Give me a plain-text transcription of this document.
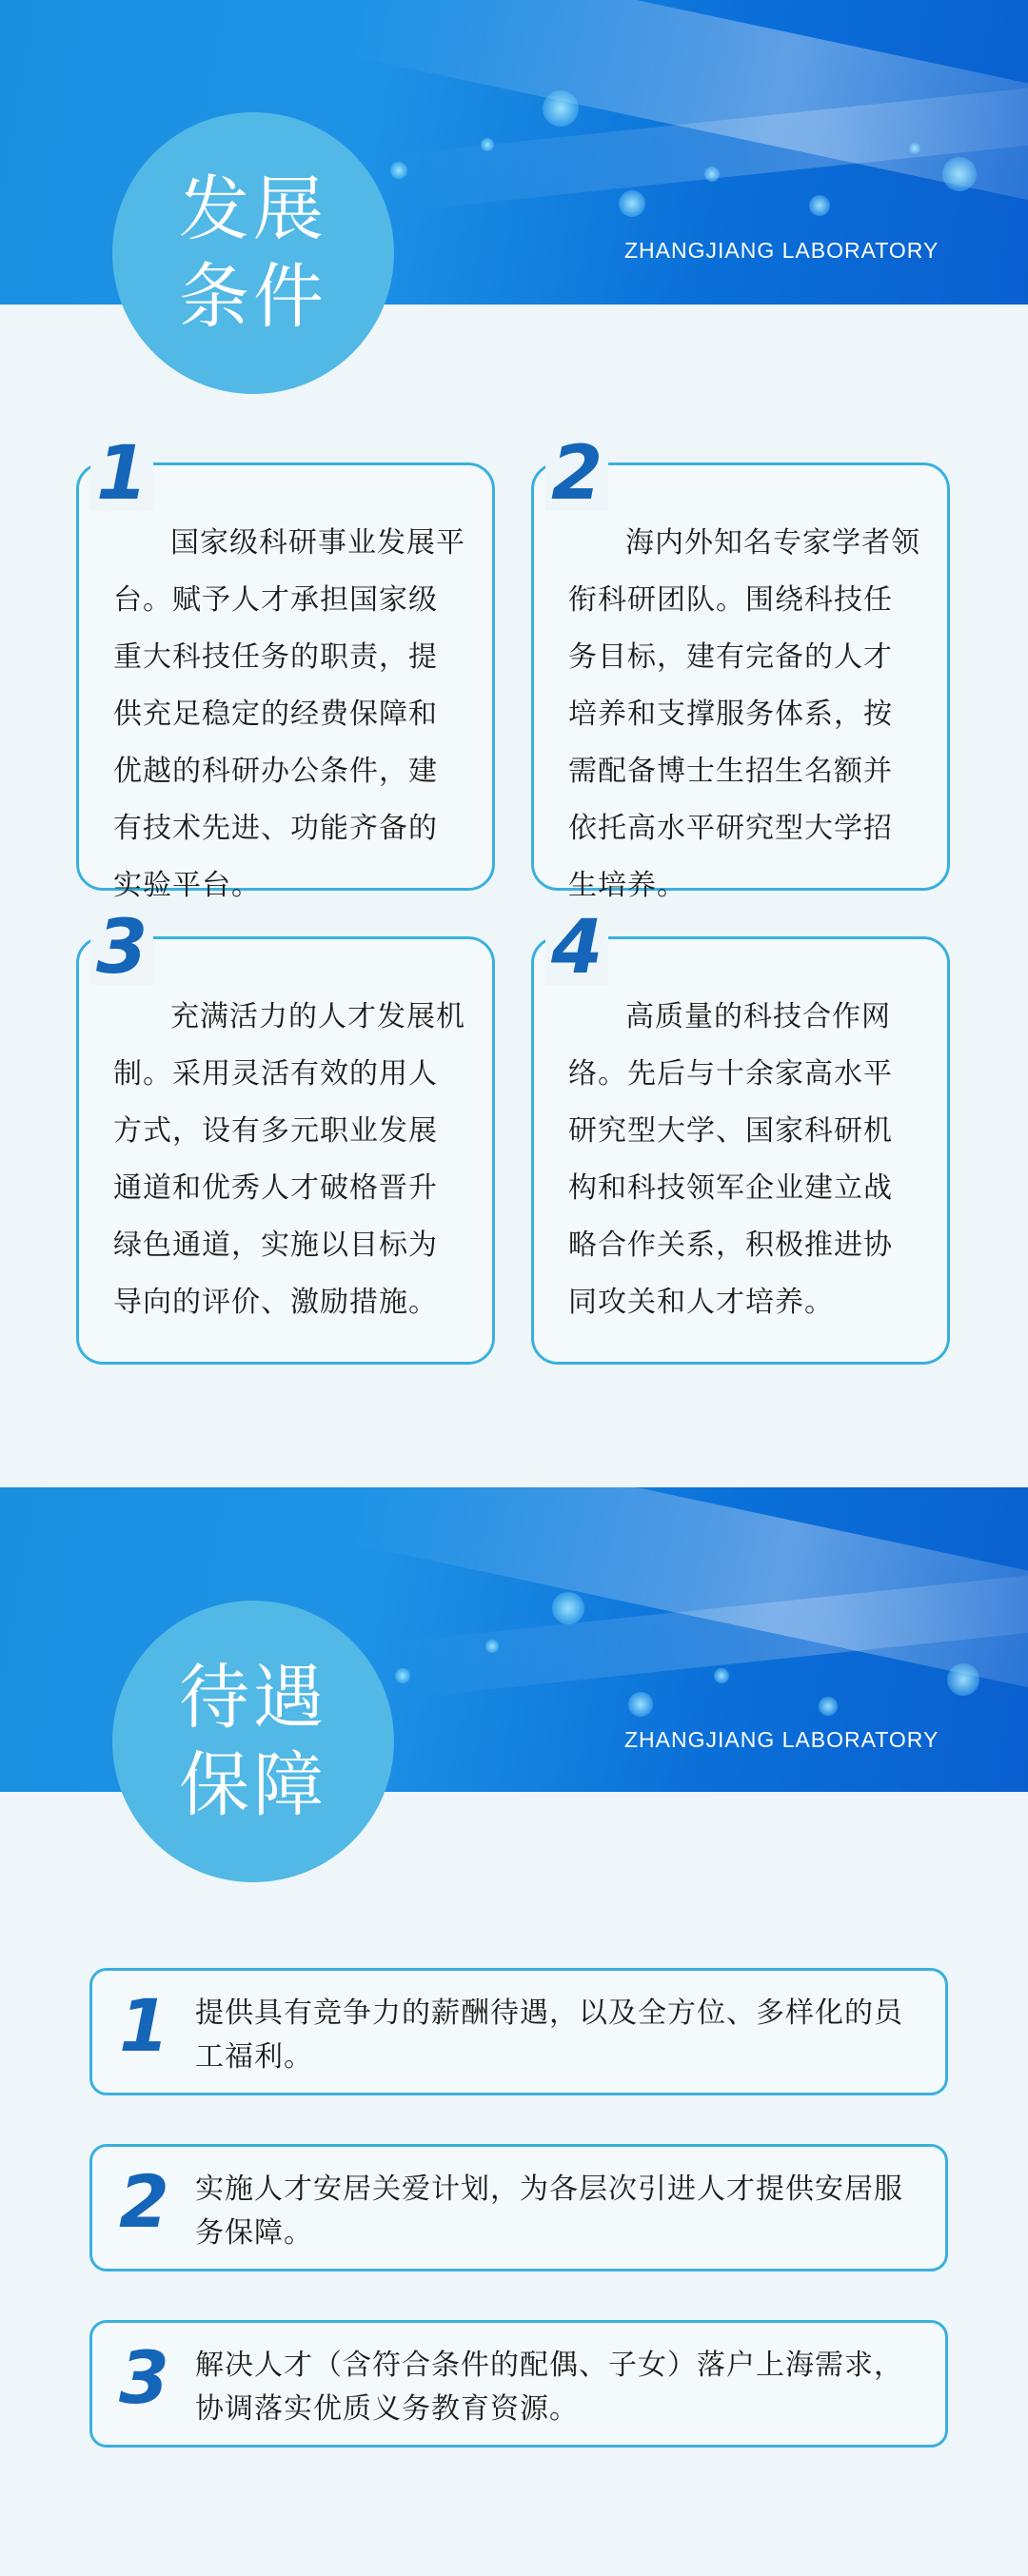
ZHANGJIANG LABORATORY
发展条件
1
国家级科研事业发展平台。赋予人才承担国家级重大科技任务的职责，提供充足稳定的经费保障和优越的科研办公条件，建有技术先进、功能齐备的实验平台。
2
海内外知名专家学者领衔科研团队。围绕科技任务目标，建有完备的人才培养和支撑服务体系，按需配备博士生招生名额并依托高水平研究型大学招生培养。
3
充满活力的人才发展机制。采用灵活有效的用人方式，设有多元职业发展通道和优秀人才破格晋升绿色通道，实施以目标为导向的评价、激励措施。
4
高质量的科技合作网络。先后与十余家高水平研究型大学、国家科研机构和科技领军企业建立战略合作关系，积极推进协同攻关和人才培养。
ZHANGJIANG LABORATORY
待遇保障
1 提供具有竞争力的薪酬待遇，以及全方位、多样化的员工福利。
2 实施人才安居关爱计划，为各层次引进人才提供安居服务保障。
3 解决人才（含符合条件的配偶、子女）落户上海需求，协调落实优质义务教育资源。
